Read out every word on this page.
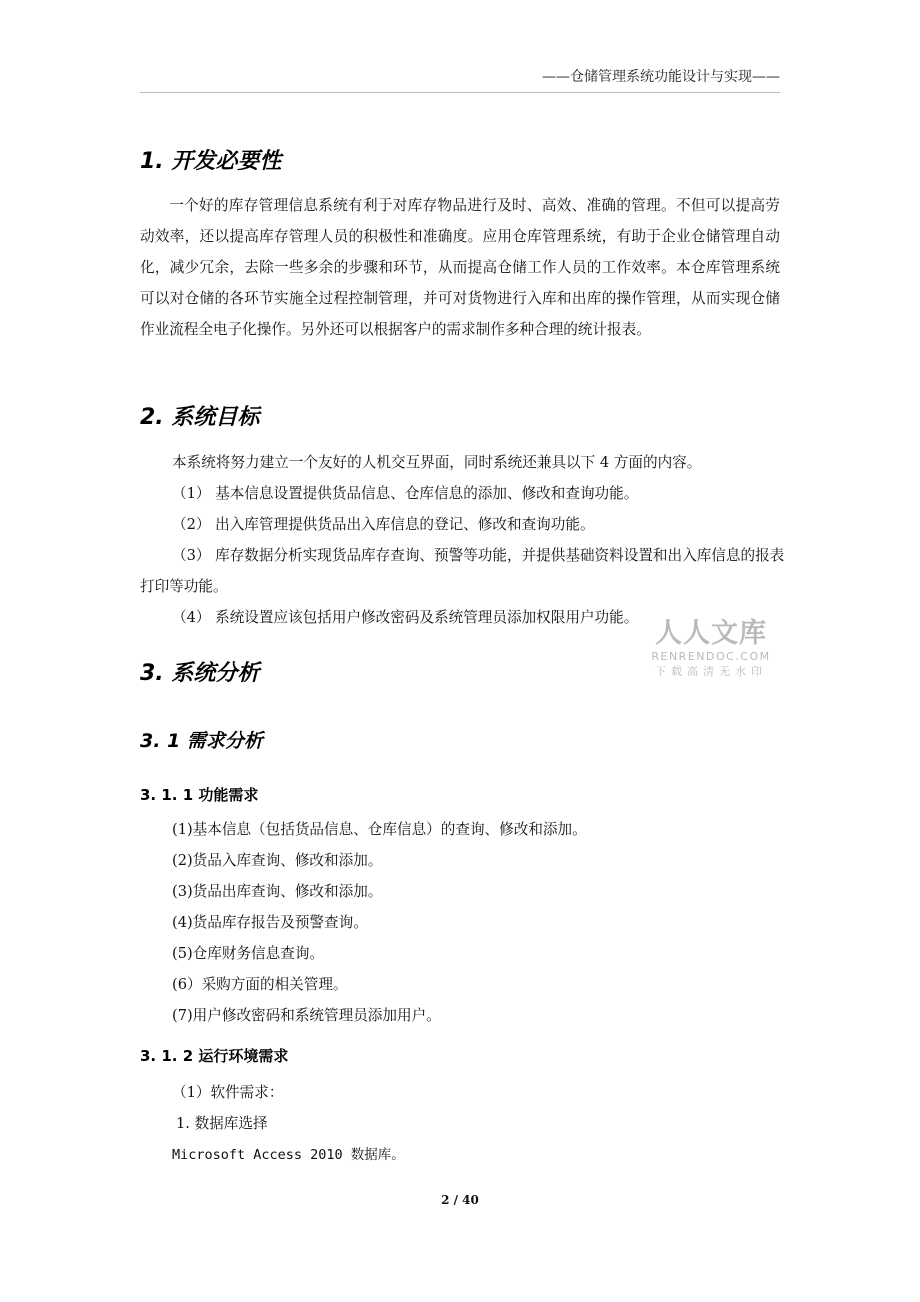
——仓储管理系统功能设计与实现——
1. 开发必要性
一个好的库存管理信息系统有利于对库存物品进行及时、高效、准确的管理。不但可以提高劳动效率，还以提高库存管理人员的积极性和准确度。应用仓库管理系统，有助于企业仓储管理自动化，减少冗余，去除一些多余的步骤和环节，从而提高仓储工作人员的工作效率。本仓库管理系统可以对仓储的各环节实施全过程控制管理，并可对货物进行入库和出库的操作管理，从而实现仓储作业流程全电子化操作。另外还可以根据客户的需求制作多种合理的统计报表。
2. 系统目标
本系统将努力建立一个友好的人机交互界面，同时系统还兼具以下 4 方面的内容。
（1） 基本信息设置提供货品信息、仓库信息的添加、修改和查询功能。
（2） 出入库管理提供货品出入库信息的登记、修改和查询功能。
（3） 库存数据分析实现货品库存查询、预警等功能，并提供基础资料设置和出入库信息的报表打印等功能。
（4） 系统设置应该包括用户修改密码及系统管理员添加权限用户功能。
人人文库
RENRENDOC.COM
下载高清无水印
3. 系统分析
3. 1 需求分析
3. 1. 1 功能需求
(1)基本信息（包括货品信息、仓库信息）的查询、修改和添加。
(2)货品入库查询、修改和添加。
(3)货品出库查询、修改和添加。
(4)货品库存报告及预警查询。
(5)仓库财务信息查询。
(6）采购方面的相关管理。
(7)用户修改密码和系统管理员添加用户。
3. 1. 2 运行环境需求
（1）软件需求：
1. 数据库选择
Microsoft Access 2010 数据库。
2 / 40
